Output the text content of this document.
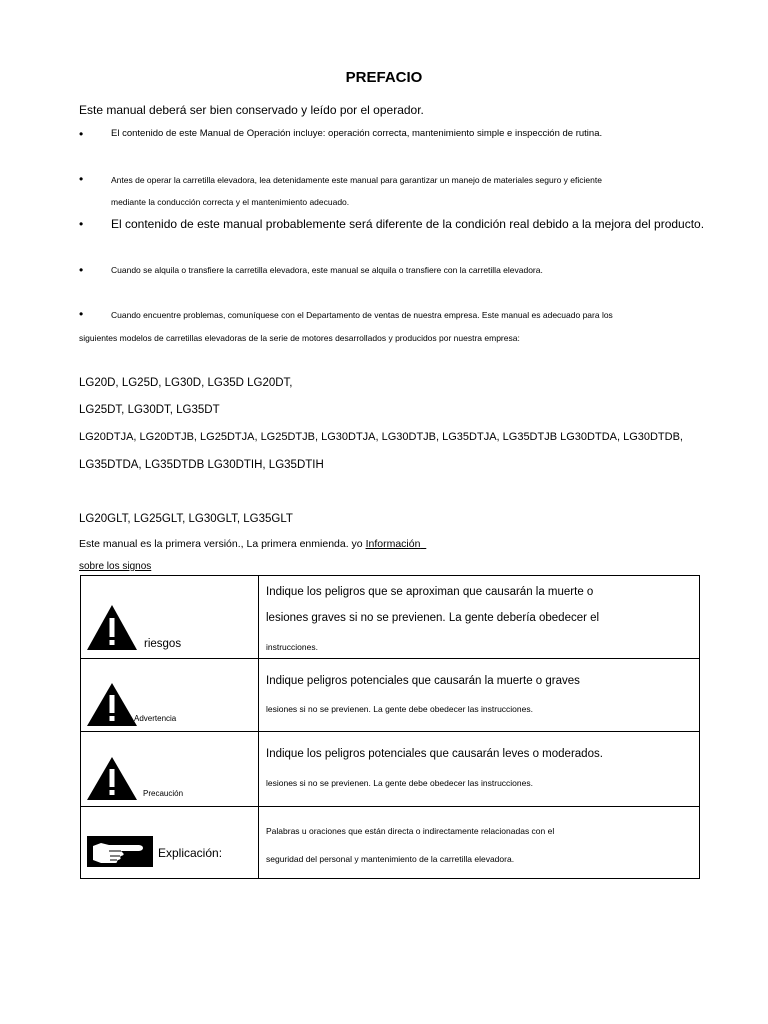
PREFACIO
Este manual deberá ser bien conservado y leído por el operador.
•	El contenido de este Manual de Operación incluye: operación correcta, mantenimiento simple e inspección de rutina.
•	Antes de operar la carretilla elevadora, lea detenidamente este manual para garantizar un manejo de materiales seguro y eficiente
mediante la conducción correcta y el mantenimiento adecuado.
• El contenido de este manual probablemente será diferente de la condición real debido a la mejora del producto.
•	Cuando se alquila o transfiere la carretilla elevadora, este manual se alquila o transfiere con la carretilla elevadora.
•	Cuando encuentre problemas, comuníquese con el Departamento de ventas de nuestra empresa. Este manual es adecuado para los
siguientes modelos de carretillas elevadoras de la serie de motores desarrollados y producidos por nuestra empresa:
LG20D, LG25D, LG30D, LG35D LG20DT,
LG25DT, LG30DT, LG35DT
LG20DTJA, LG20DTJB, LG25DTJA, LG25DTJB, LG30DTJA, LG30DTJB, LG35DTJA, LG35DTJB LG30DTDA, LG30DTDB,
LG35DTDA, LG35DTDB LG30DTIH, LG35DTIH
LG20GLT, LG25GLT, LG30GLT, LG35GLT
Este manual es la primera versión., La primera enmienda. yo Información
sobre los signos
riesgos	Indique los peligros que se aproximan que causarán la muerte o
lesiones graves si no se previenen. La gente debería obedecer el
instrucciones.

Advertencia	Indique peligros potenciales que causarán la muerte o graves
lesiones si no se previenen. La gente debe obedecer las instrucciones.

Precaución	Indique los peligros potenciales que causarán leves o moderados.
lesiones si no se previenen. La gente debe obedecer las instrucciones.

Explicación:	Palabras u oraciones que están directa o indirectamente relacionadas con el
seguridad del personal y mantenimiento de la carretilla elevadora.
